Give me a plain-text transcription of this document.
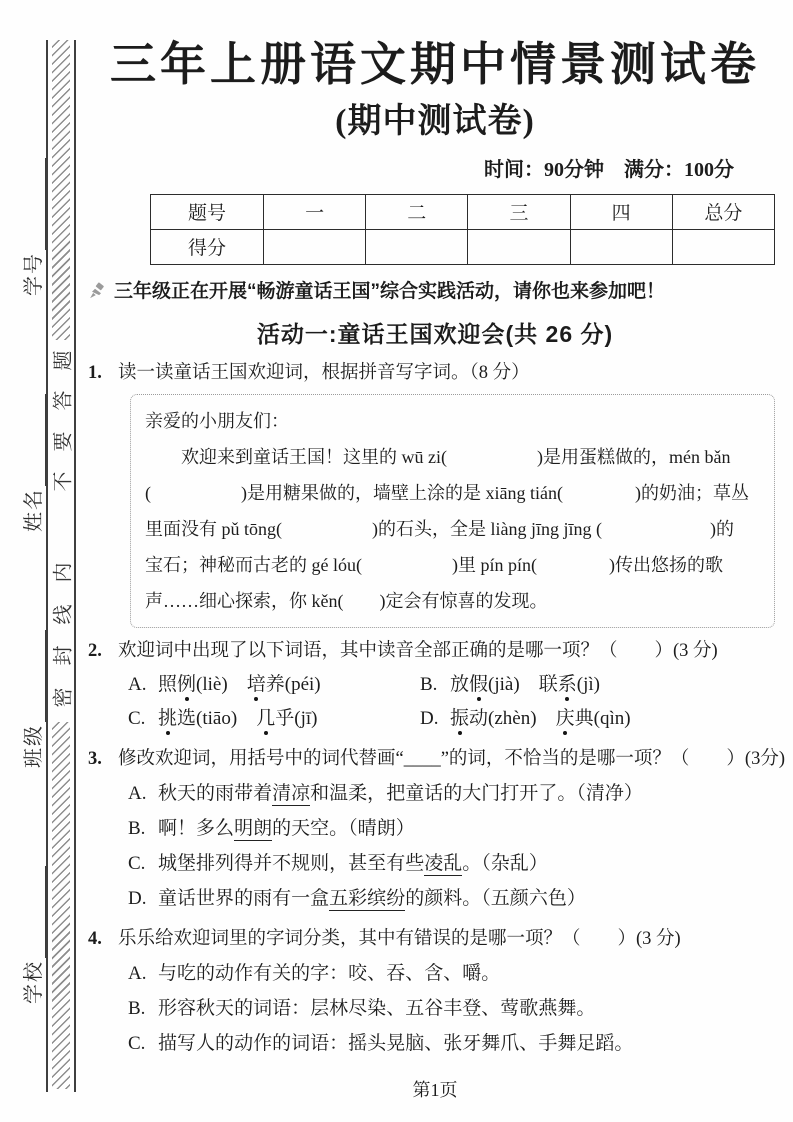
学校
班级
姓名
学号
题
答
要
不
内
线
封
密
三年上册语文期中情景测试卷
(期中测试卷)
时间：90分钟　满分：100分
题号	一	二	三	四	总分
得分					
三年级正在开展“畅游童话王国”综合实践活动，请你也来参加吧！
活动一:童话王国欢迎会(共 26 分)
1. 读一读童话王国欢迎词，根据拼音写字词。（8 分）
亲爱的小朋友们：
　　欢迎来到童话王国！这里的 wū zi(　　　　　)是用蛋糕做的，mén bǎn
(　　　　　)是用糖果做的，墙壁上涂的是 xiāng tián(　　　　)的奶油；草丛
里面没有 pǔ tōng(　　　　　)的石头，全是 liàng jīng jīng (　　　　　　)的
宝石；神秘而古老的 gé lóu(　　　　　)里 pín pín(　　　　)传出悠扬的歌
声……细心探索，你 kěn(　　)定会有惊喜的发现。
2. 欢迎词中出现了以下词语，其中读音全部正确的是哪一项？（　　）(3 分)
A. 照例(liè)　 培养(péi)	B. 放假(jià)　 联系(jì)
C. 挑选(tiāo)　 几乎(jī)	D. 振动(zhèn)　 庆典(qìn)
3. 修改欢迎词，用括号中的词代替画“____”的词，不恰当的是哪一项？（　　）(3分)
A. 秋天的雨带着清凉和温柔，把童话的大门打开了。（清净）
B. 啊！多么明朗的天空。（晴朗）
C. 城堡排列得并不规则，甚至有些凌乱。（杂乱）
D. 童话世界的雨有一盒五彩缤纷的颜料。（五颜六色）
4. 乐乐给欢迎词里的字词分类，其中有错误的是哪一项？（　　）(3 分)
A. 与吃的动作有关的字：咬、吞、含、嚼。
B. 形容秋天的词语：层林尽染、五谷丰登、莺歌燕舞。
C. 描写人的动作的词语：摇头晃脑、张牙舞爪、手舞足蹈。
第1页
